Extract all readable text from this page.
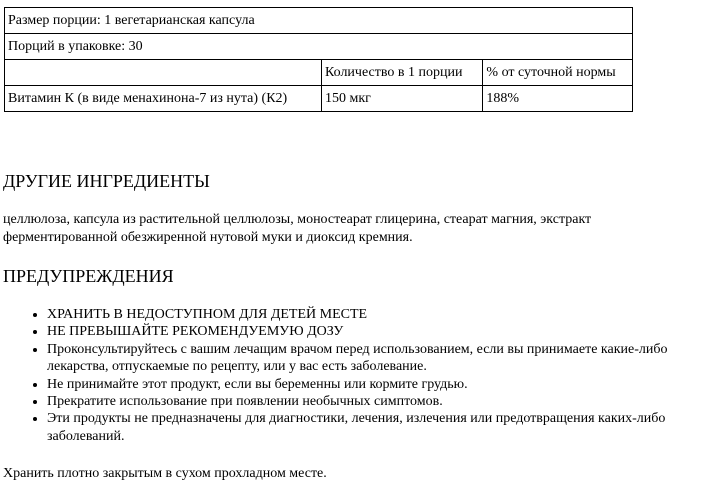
Размер порции: 1 вегетарианская капсула		
Порций в упаковке: 30		
	Количество в 1 порции	% от суточной нормы
Витамин К (в виде менахинона-7 из нута) (К2)	150 мкг	188%
ДРУГИЕ ИНГРЕДИЕНТЫ

целлюлоза, капсула из растительной целлюлозы, моностеарат глицерина, стеарат магния, экстракт ферментированной обезжиренной нутовой муки и диоксид кремния.

ПРЕДУПРЕЖДЕНИЯ
• ХРАНИТЬ В НЕДОСТУПНОМ ДЛЯ ДЕТЕЙ МЕСТЕ
• НЕ ПРЕВЫШАЙТЕ РЕКОМЕНДУЕМУЮ ДОЗУ
• Проконсультируйтесь с вашим лечащим врачом перед использованием, если вы принимаете какие-либо лекарства, отпускаемые по рецепту, или у вас есть заболевание.
• Не принимайте этот продукт, если вы беременны или кормите грудью.
• Прекратите использование при появлении необычных симптомов.
• Эти продукты не предназначены для диагностики, лечения, излечения или предотвращения каких-либо заболеваний.

Хранить плотно закрытым в сухом прохладном месте.
